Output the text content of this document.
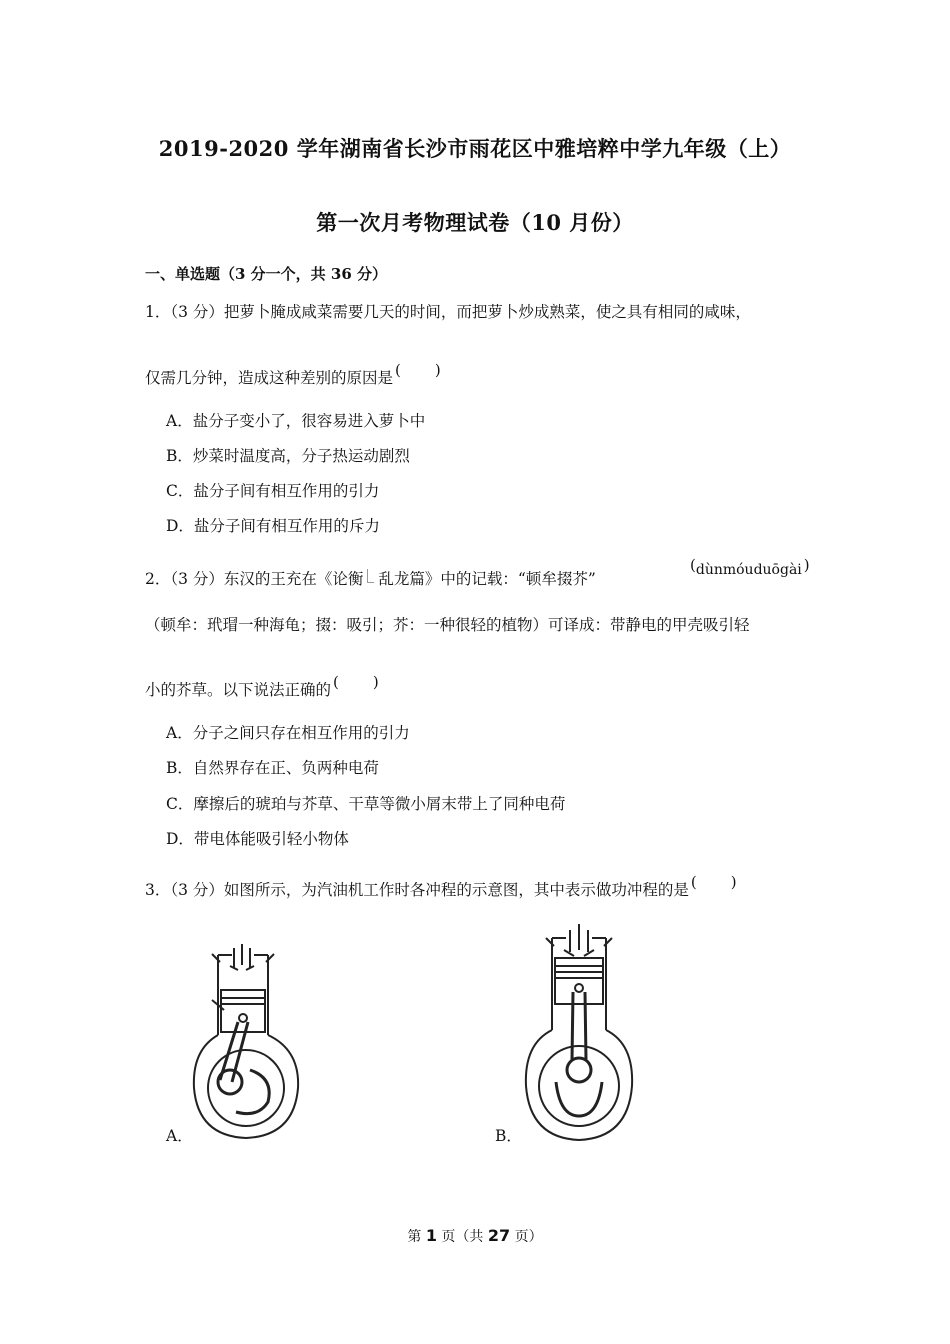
2019-2020 学年湖南省长沙市雨花区中雅培粹中学九年级（上）
第一次月考物理试卷（10 月份）
一、单选题（3 分一个，共 36 分）
1．（3 分）把萝卜腌成咸菜需要几天的时间，而把萝卜炒成熟菜，使之具有相同的咸味，
仅需几分钟，造成这种差别的原因是 ( )
A．盐分子变小了，很容易进入萝卜中
B．炒菜时温度高，分子热运动剧烈
C．盐分子间有相互作用的引力
D．盐分子间有相互作用的斥力
2．（3 分）东汉的王充在《论衡 乱龙篇》中的记载：“顿牟掇芥”
(dùnmóuduōgài )
（顿牟：玳瑁一种海龟；掇：吸引；芥：一种很轻的植物）可译成：带静电的甲壳吸引轻
小的芥草。以下说法正确的 ( )
A．分子之间只存在相互作用的引力
B．自然界存在正、负两种电荷
C．摩擦后的琥珀与芥草、干草等微小屑末带上了同种电荷
D．带电体能吸引轻小物体
3．（3 分）如图所示，为汽油机工作时各冲程的示意图，其中表示做功冲程的是 ( )
A．	B．
第 1 页（共 27 页）
